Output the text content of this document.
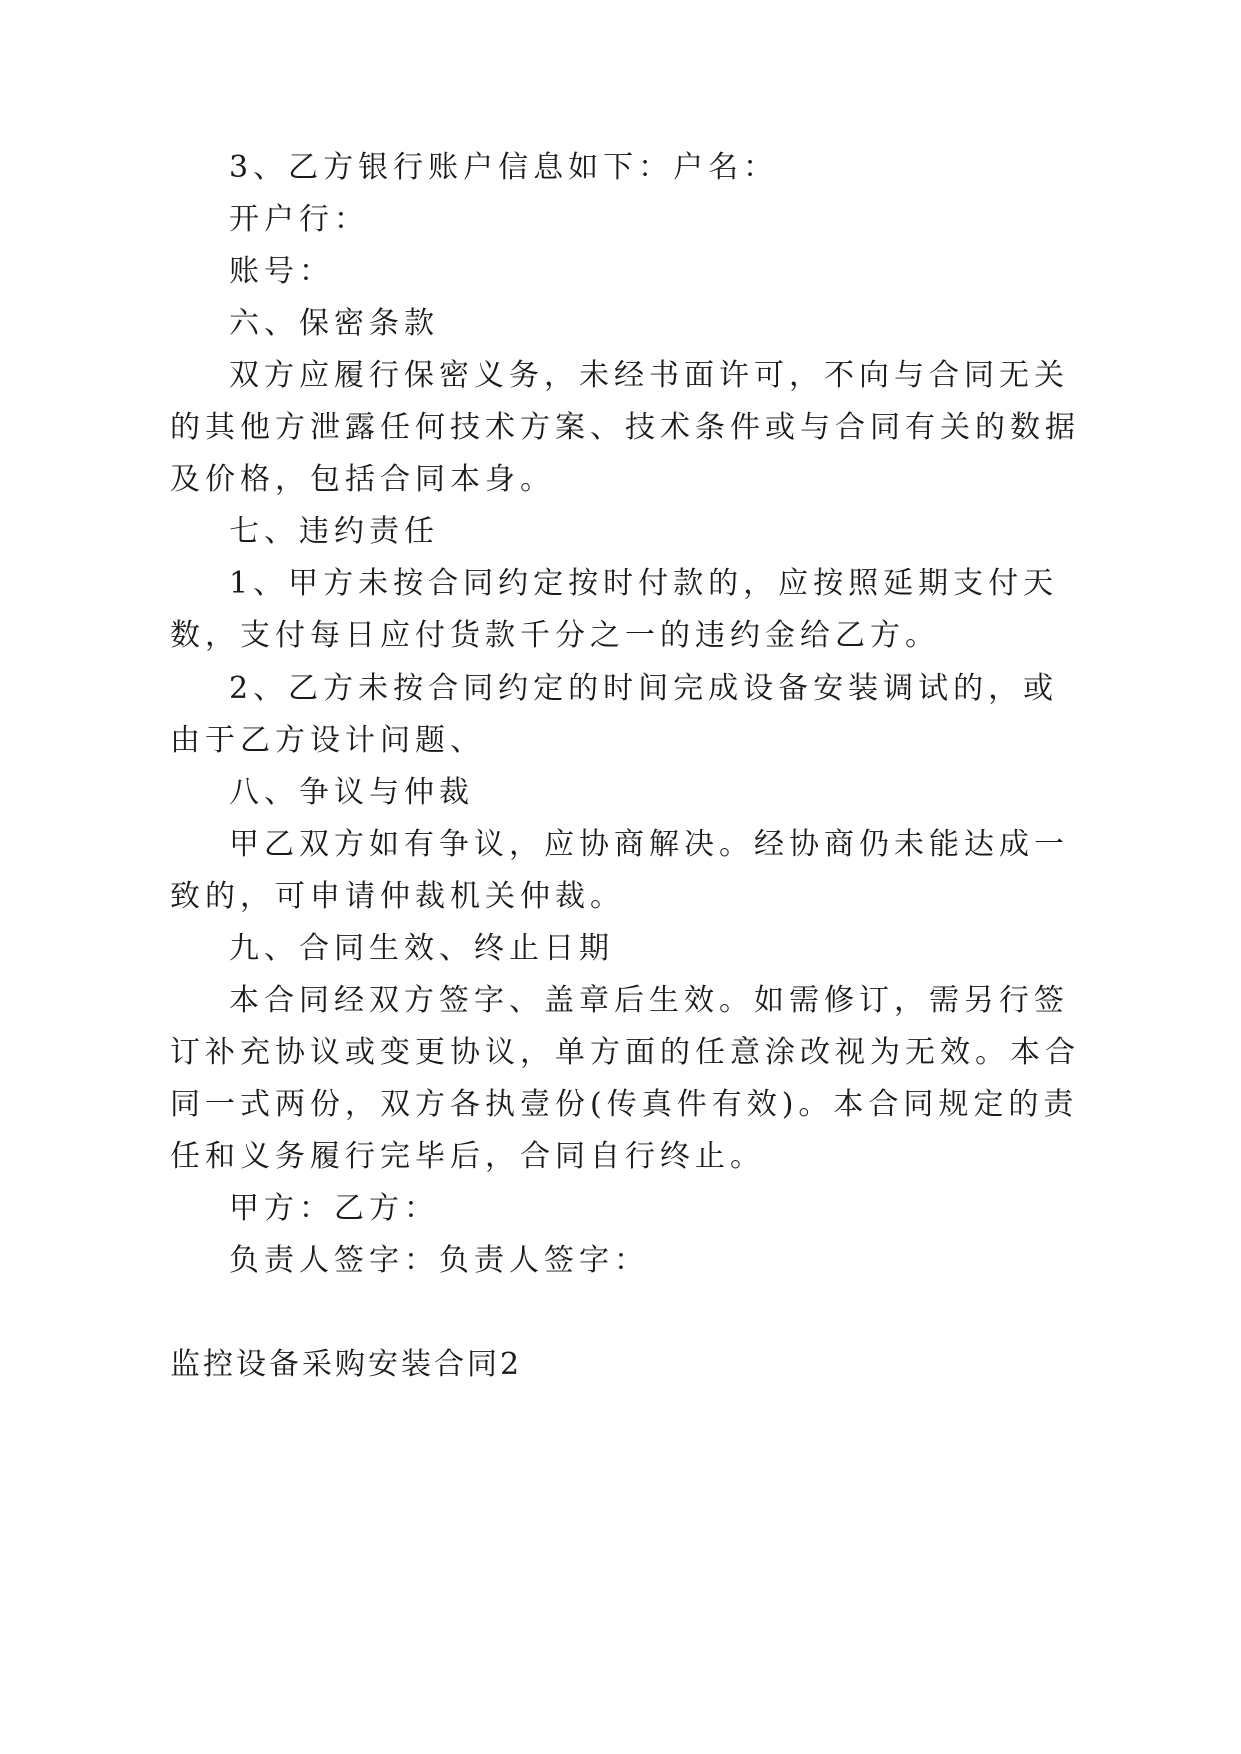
3、乙方银行账户信息如下：户名：

开户行：

账号：

六、保密条款

双方应履行保密义务，未经书面许可，不向与合同无关

的其他方泄露任何技术方案、技术条件或与合同有关的数据

及价格，包括合同本身。

七、违约责任

1、甲方未按合同约定按时付款的，应按照延期支付天

数，支付每日应付货款千分之一的违约金给乙方。

2、乙方未按合同约定的时间完成设备安装调试的，或

由于乙方设计问题、

八、争议与仲裁

甲乙双方如有争议，应协商解决。经协商仍未能达成一

致的，可申请仲裁机关仲裁。

九、合同生效、终止日期

本合同经双方签字、盖章后生效。如需修订，需另行签

订补充协议或变更协议，单方面的任意涂改视为无效。本合

同一式两份，双方各执壹份(传真件有效)。本合同规定的责

任和义务履行完毕后，合同自行终止。

甲方：乙方：

负责人签字：负责人签字：

监控设备采购安装合同2
